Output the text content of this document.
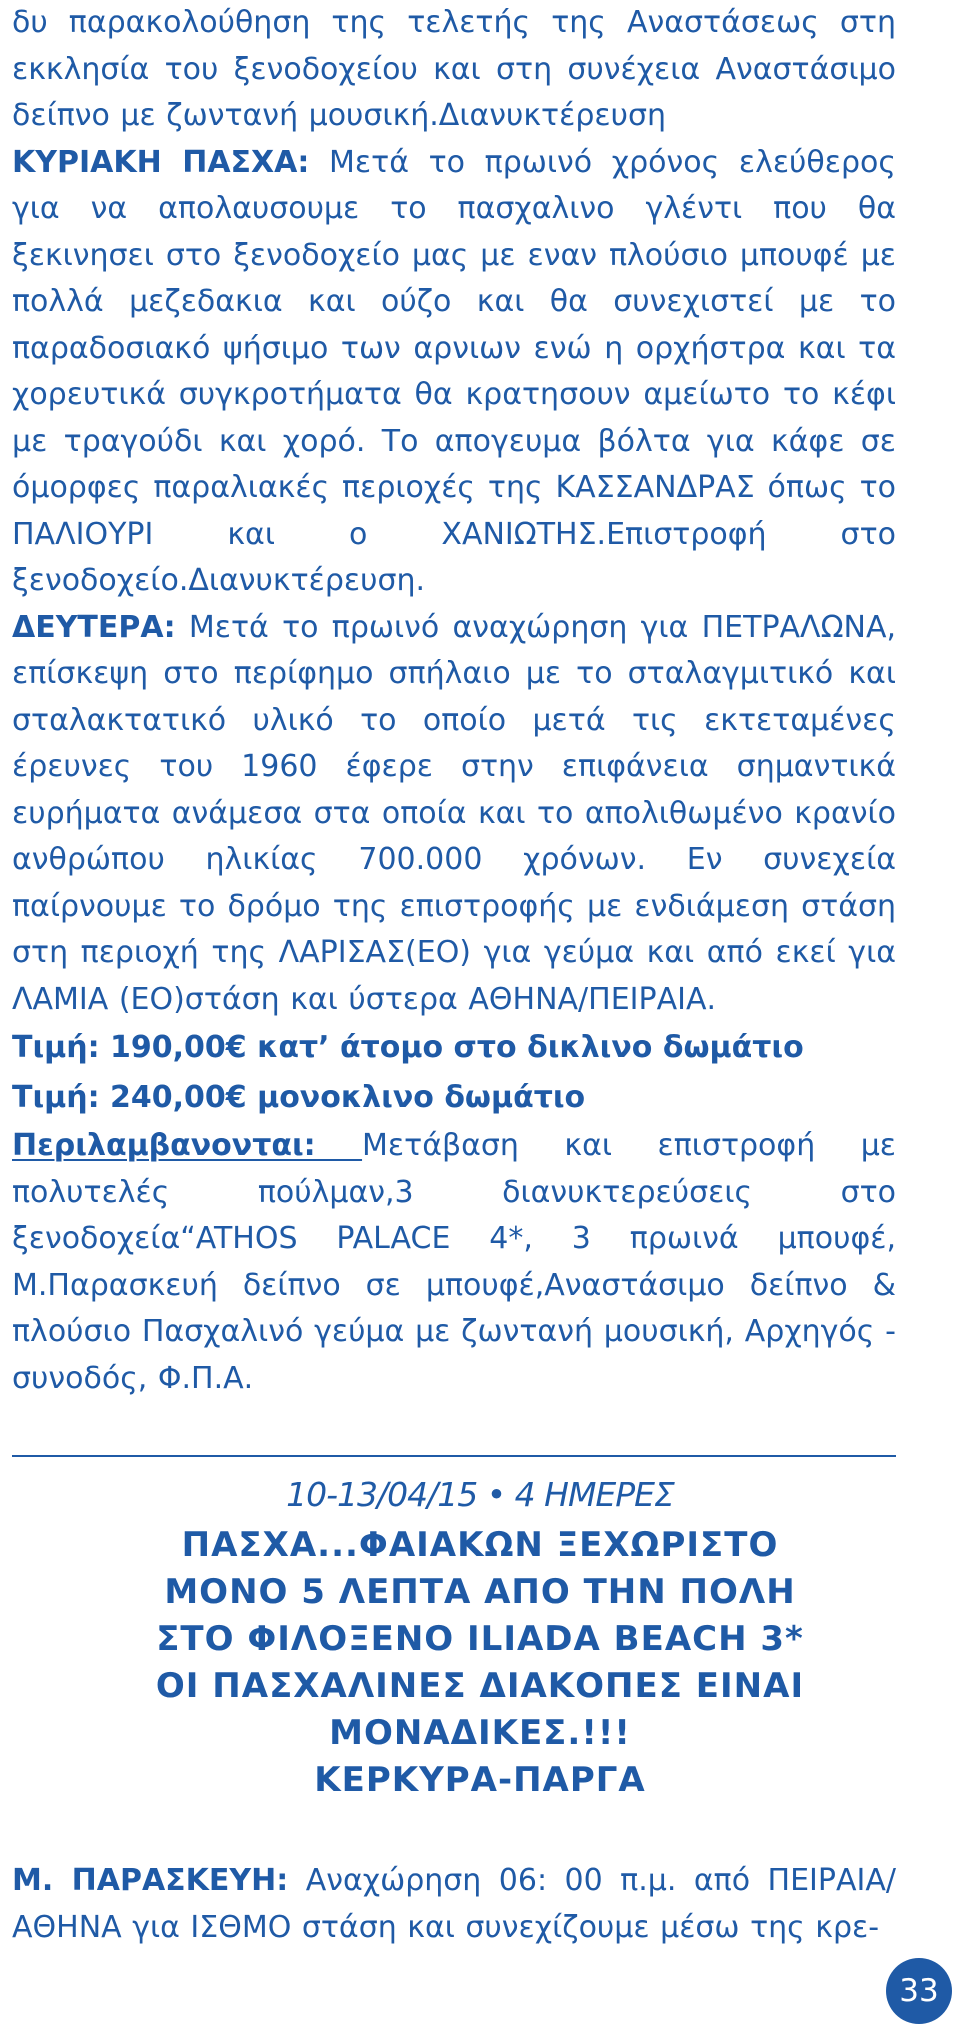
δυ παρακολούθηση της τελετής της Αναστάσεως στη εκκλησία του ξενοδοχείου και στη συνέχεια Αναστάσιμο δείπνο με ζωντανή μουσική.Διανυκτέρευση

ΚΥΡΙΑΚΗ ΠΑΣΧΑ: Μετά το πρωινό χρόνος ελεύθερος για να απολαυσουμε το πασχαλινο γλέντι που θα ξεκινησει στο ξενοδοχείο μας με εναν πλούσιο μπουφέ με πολλά μεζεδακια και ούζο και θα συνεχιστεί με το παραδοσιακό ψήσιμο των αρνιων ενώ η ορχήστρα και τα χορευτικά συγκροτήματα θα κρατησουν αμείωτο το κέφι με τραγούδι και χορό. Το απογευμα βόλτα για κάφε σε όμορφες παραλιακές περιοχές της ΚΑΣΣΑΝΔΡΑΣ όπως το ΠΑΛΙΟΥΡΙ και ο ΧΑΝΙΩΤΗΣ.Επιστροφή στο ξενοδοχείο.Διανυκτέρευση.

ΔΕΥΤΕΡΑ: Μετά το πρωινό αναχώρηση για ΠΕΤΡΑΛΩΝΑ, επίσκεψη στο περίφημο σπήλαιο με το σταλαγμιτικό και σταλακτατικό υλικό το οποίο μετά τις εκτεταμένες έρευνες του 1960 έφερε στην επιφάνεια σημαντικά ευρήματα ανάμεσα στα οποία και το απολιθωμένο κρανίο ανθρώπου ηλικίας 700.000 χρόνων. Εν συνεχεία παίρνουμε το δρόμο της επιστροφής με ενδιάμεση στάση στη περιοχή της ΛΑΡΙΣΑΣ(ΕΟ) για γεύμα και από εκεί για ΛΑΜΙΑ (ΕΟ)στάση και ύστερα ΑΘΗΝΑ/ΠΕΙΡΑΙΑ.

Τιμή: 190,00€ κατ’ άτομο στο δικλινο δωμάτιο

Τιμή: 240,00€ μονοκλινο δωμάτιο

Περιλαμβανονται: Μετάβαση και επιστροφή με πολυτελές πούλμαν,3 διανυκτερεύσεις στο ξενοδοχεία“ATHOS PALACE 4*, 3 πρωινά μπουφέ, Μ.Παρασκευή δείπνο σε μπουφέ,Αναστάσιμο δείπνο & πλούσιο Πασχαλινό γεύμα με ζωντανή μουσική, Αρχηγός - συνοδός, Φ.Π.Α.

10-13/04/15 • 4 ΗΜΕΡΕΣ
ΠΑΣΧΑ...ΦΑΙΑΚΩΝ ΞΕΧΩΡΙΣΤΟ
ΜΟΝΟ 5 ΛΕΠΤΑ ΑΠΟ ΤΗΝ ΠΟΛΗ
ΣΤΟ ΦΙΛΟΞΕΝΟ ILIADA BEACH 3*
ΟΙ ΠΑΣΧΑΛΙΝΕΣ ΔΙΑΚΟΠΕΣ ΕΙΝΑΙ
ΜΟΝΑΔΙΚΕΣ.!!!
ΚΕΡΚΥΡΑ-ΠΑΡΓΑ

Μ. ΠΑΡΑΣΚΕΥΗ: Αναχώρηση 06: 00 π.μ. από ΠΕΙΡΑΙΑ/ ΑΘΗΝΑ για ΙΣΘΜΟ στάση και συνεχίζουμε μέσω της κρε-

33
